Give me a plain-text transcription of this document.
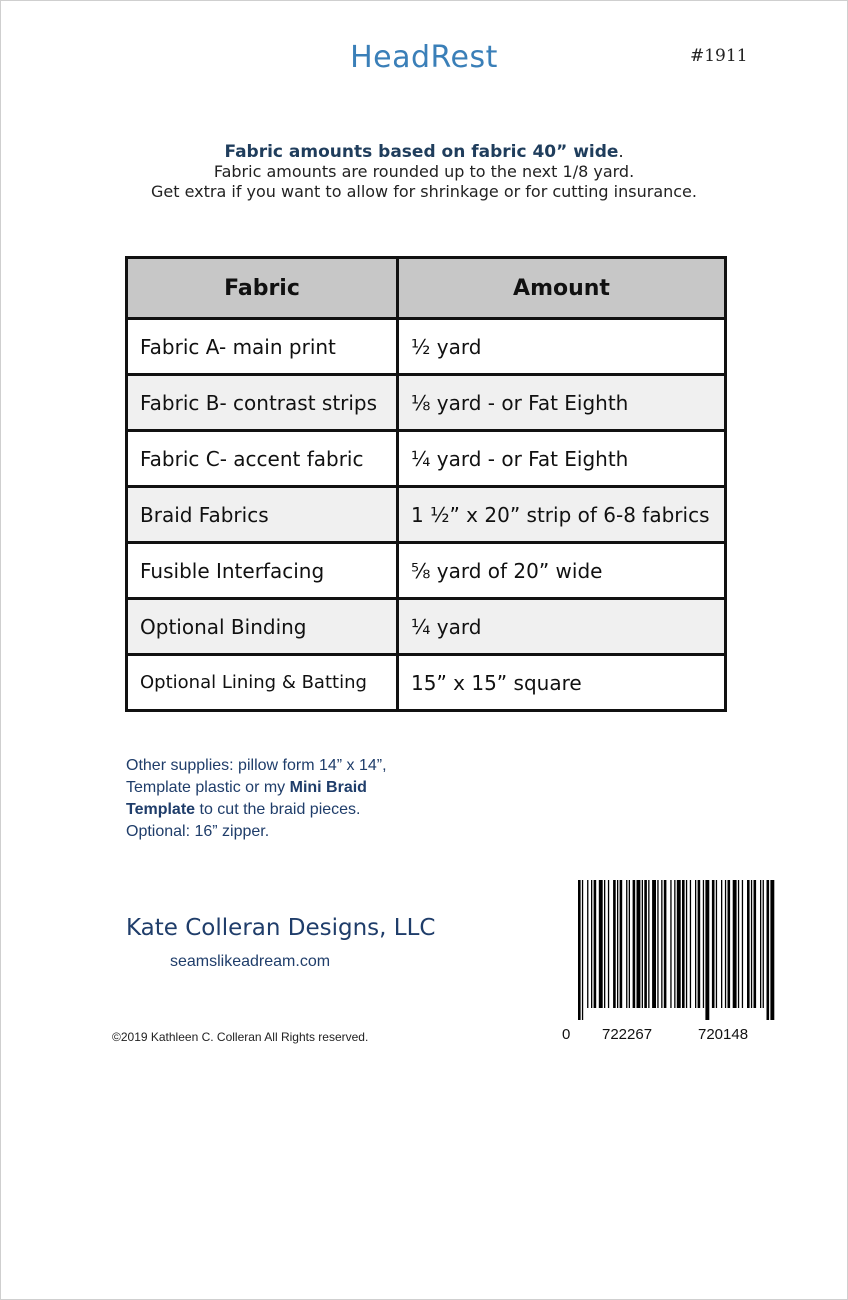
HeadRest	#1911
Fabric amounts based on fabric 40” wide.
Fabric amounts are rounded up to the next 1/8 yard.
Get extra if you want to allow for shrinkage or for cutting insurance.
Fabric	Amount
Fabric A- main print	½ yard
Fabric B- contrast strips	⅛ yard - or Fat Eighth
Fabric C- accent fabric	¼ yard - or Fat Eighth
Braid Fabrics	1 ½” x 20” strip of 6-8 fabrics
Fusible Interfacing	⅝ yard of 20” wide
Optional Binding	¼ yard
Optional Lining & Batting	15” x 15” square
Other supplies: pillow form 14” x 14”,
Template plastic or my Mini Braid
Template to cut the braid pieces.
Optional: 16” zipper.
Kate Colleran Designs, LLC
seamslikeadream.com
©2019 Kathleen C. Colleran All Rights reserved.	0 722267	720148
